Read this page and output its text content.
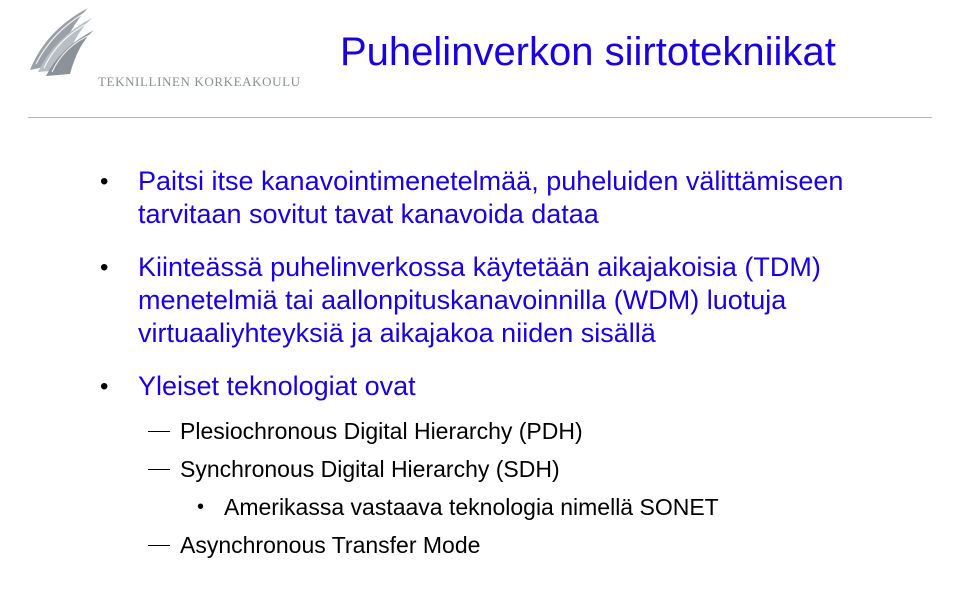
TEKNILLINEN KORKEAKOULU
Puhelinverkon siirtotekniikat
• Paitsi itse kanavointimenetelmää, puheluiden välittämiseen tarvitaan sovitut tavat kanavoida dataa
• Kiinteässä puhelinverkossa käytetään aikajakoisia (TDM) menetelmiä tai aallonpituskanavoinnilla (WDM) luotuja virtuaaliyhteyksiä ja aikajakoa niiden sisällä
• Yleiset teknologiat ovat
Plesiochronous Digital Hierarchy (PDH)
Synchronous Digital Hierarchy (SDH)
• Amerikassa vastaava teknologia nimellä SONET
Asynchronous Transfer Mode
